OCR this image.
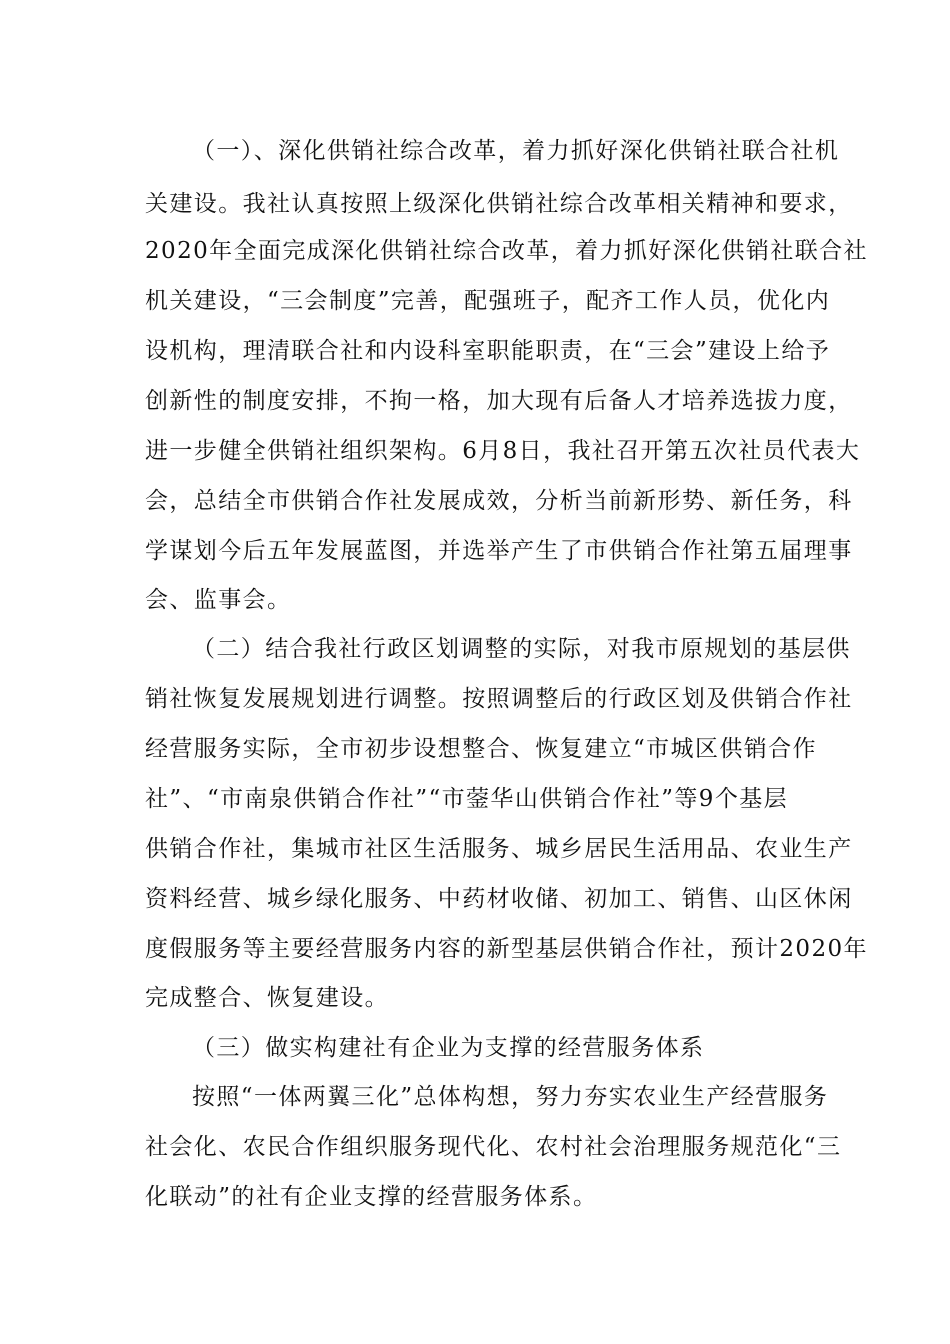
（一）、深化供销社综合改革，着力抓好深化供销社联合社机

关建设。我社认真按照上级深化供销社综合改革相关精神和要求，

2020年全面完成深化供销社综合改革，着力抓好深化供销社联合社

机关建设，“三会制度”完善，配强班子，配齐工作人员，优化内

设机构，理清联合社和内设科室职能职责，在“三会”建设上给予

创新性的制度安排，不拘一格，加大现有后备人才培养选拔力度，

进一步健全供销社组织架构。6月8日，我社召开第五次社员代表大

会，总结全市供销合作社发展成效，分析当前新形势、新任务，科

学谋划今后五年发展蓝图，并选举产生了市供销合作社第五届理事

会、监事会。

（二）结合我社行政区划调整的实际，对我市原规划的基层供

销社恢复发展规划进行调整。按照调整后的行政区划及供销合作社

经营服务实际，全市初步设想整合、恢复建立“市城区供销合作

社”、“市南泉供销合作社”“市蓥华山供销合作社”等9个基层

供销合作社，集城市社区生活服务、城乡居民生活用品、农业生产

资料经营、城乡绿化服务、中药材收储、初加工、销售、山区休闲

度假服务等主要经营服务内容的新型基层供销合作社，预计2020年

完成整合、恢复建设。

（三）做实构建社有企业为支撑的经营服务体系

按照“一体两翼三化”总体构想，努力夯实农业生产经营服务

社会化、农民合作组织服务现代化、农村社会治理服务规范化“三

化联动”的社有企业支撑的经营服务体系。
